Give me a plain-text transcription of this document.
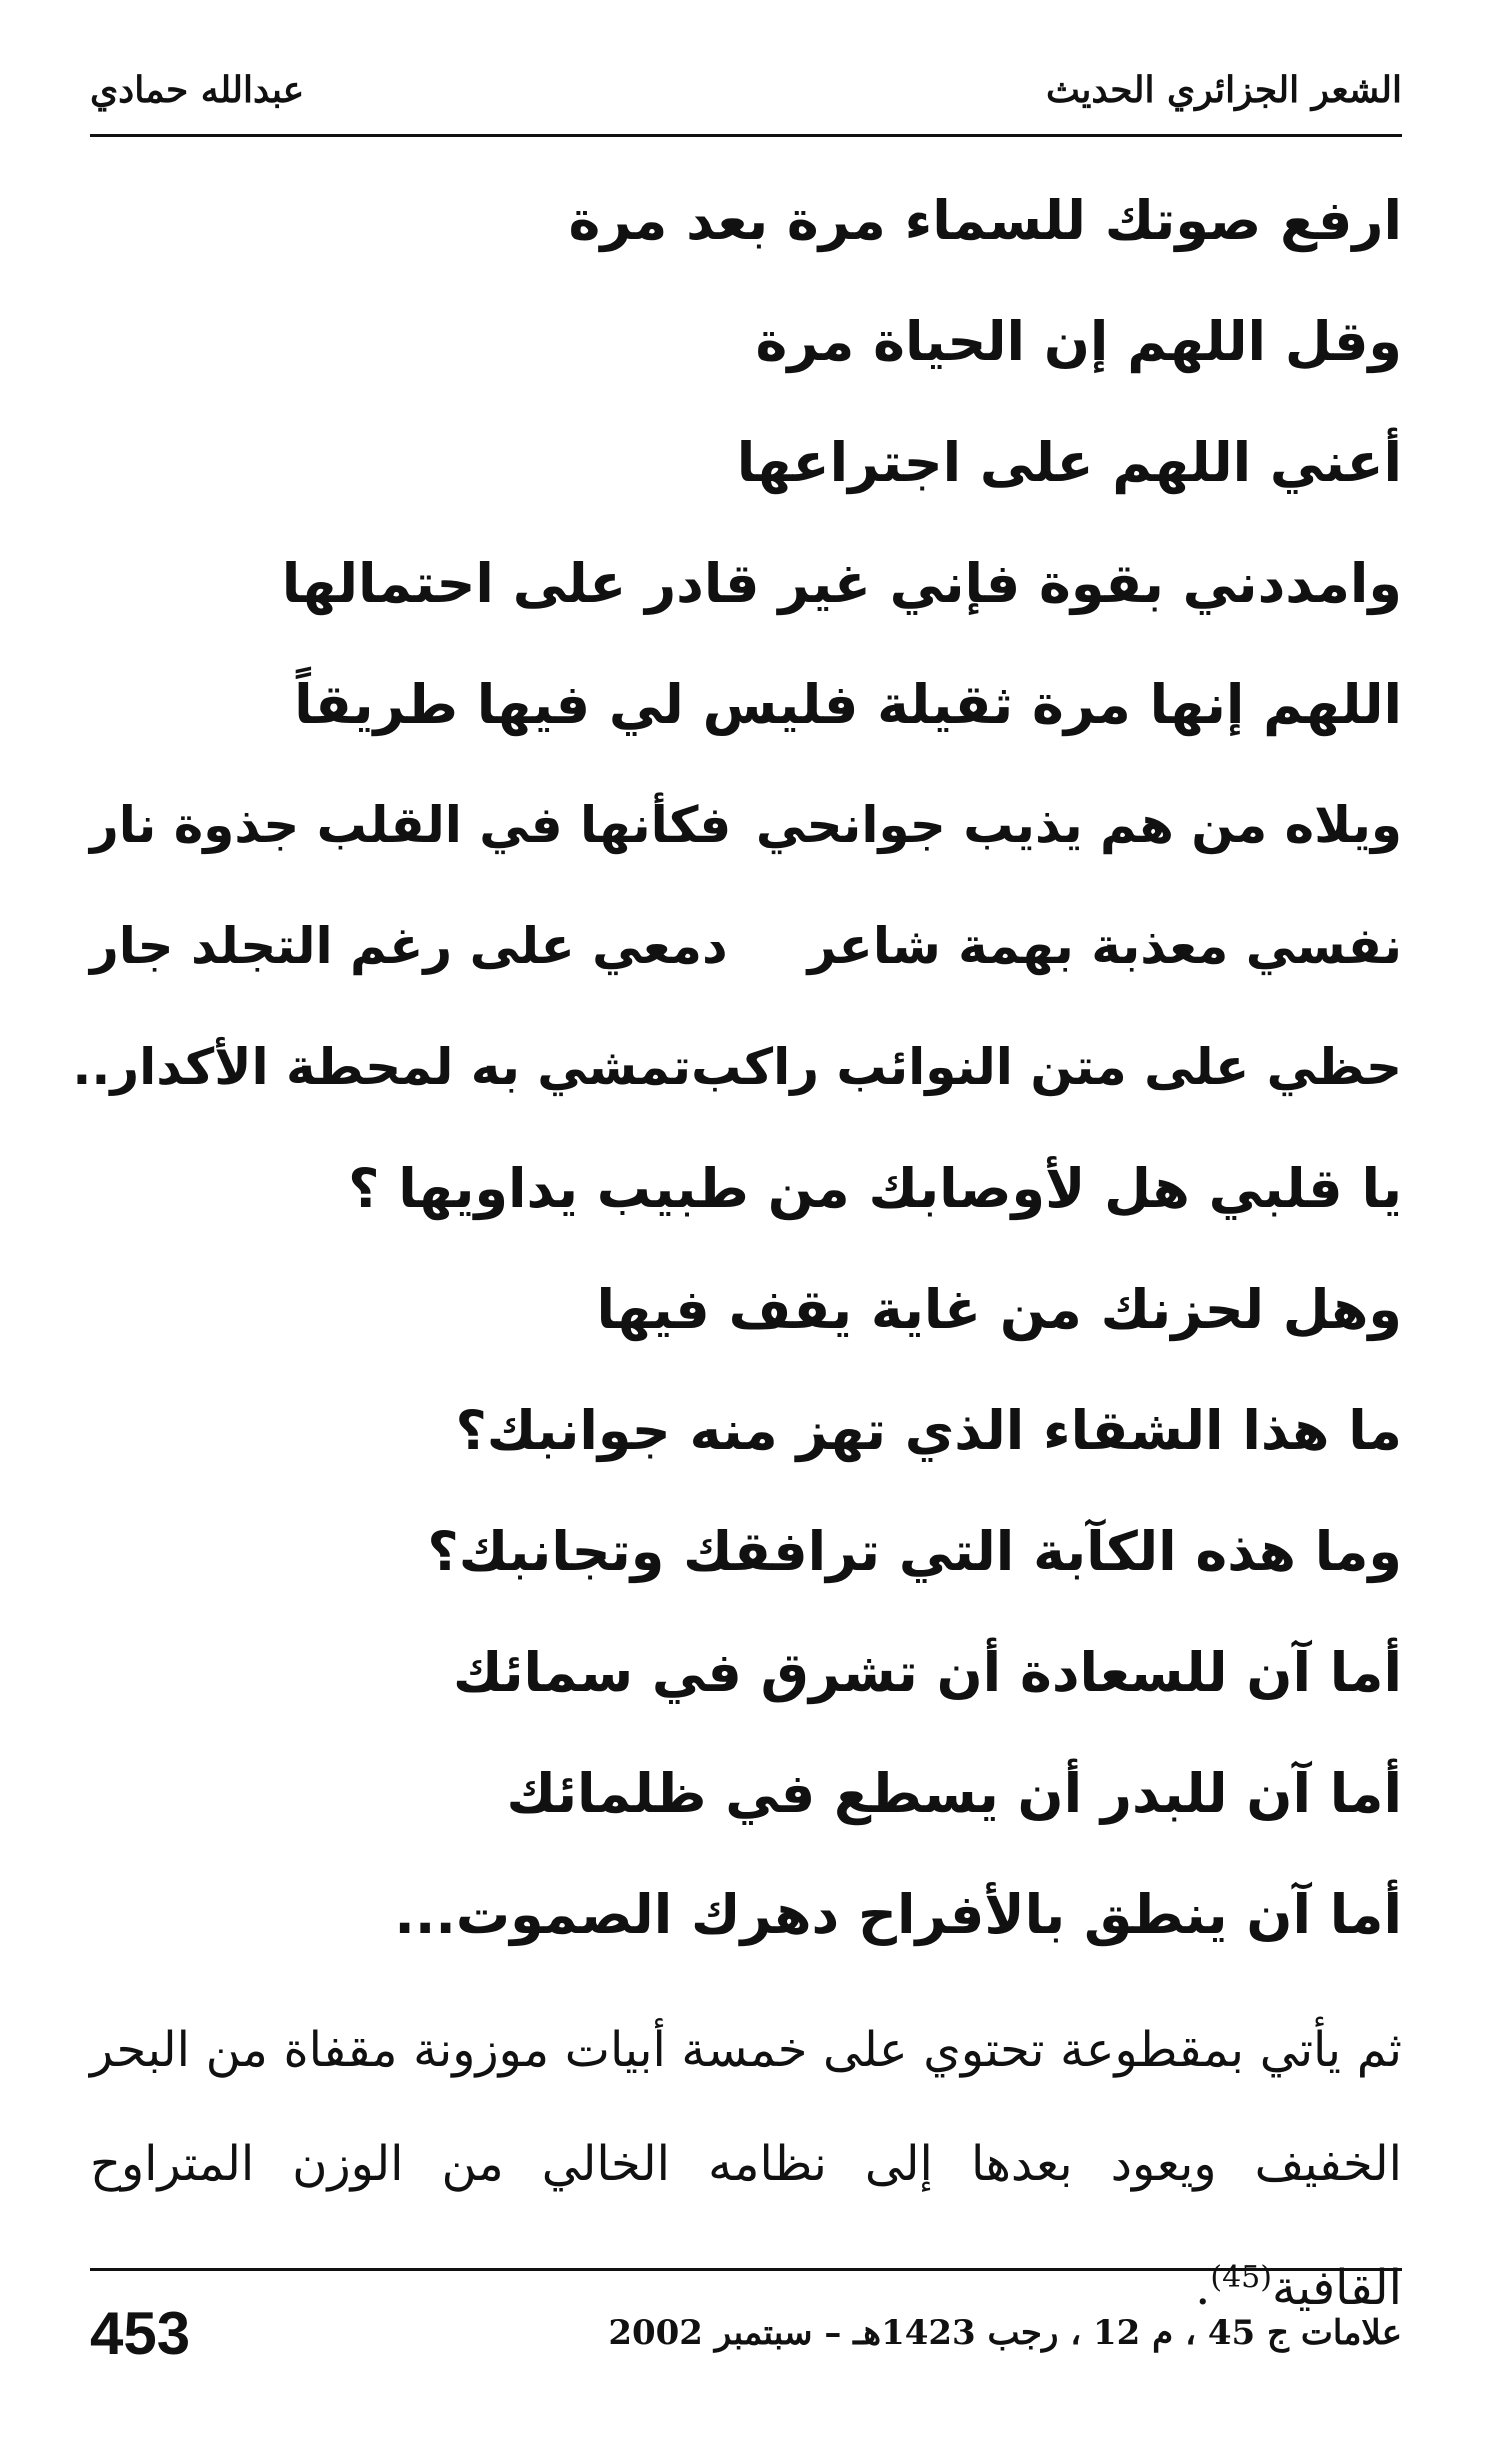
الشعر الجزائري الحديث
عبدالله حمادي
ارفع صوتك للسماء مرة بعد مرة
وقل اللهم إن الحياة مرة
أعني اللهم على اجتراعها
وامددني بقوة فإني غير قادر على احتمالها
اللهم إنها مرة ثقيلة فليس لي فيها طريقاً
ويلاه من هم يذيب جوانحي
فكأنها في القلب جذوة نار
نفسي معذبة بهمة شاعر
دمعي على رغم التجلد جار
حظي على متن النوائب راكب
تمشي به لمحطة الأكدار..
يا قلبي هل لأوصابك من طبيب يداويها ؟
وهل لحزنك من غاية يقف فيها
ما هذا الشقاء الذي تهز منه جوانبك؟
وما هذه الكآبة التي ترافقك وتجانبك؟
أما آن للسعادة أن تشرق في سمائك
أما آن للبدر أن يسطع في ظلمائك
أما آن ينطق بالأفراح دهرك الصموت...

ثم يأتي بمقطوعة تحتوي على خمسة أبيات موزونة مقفاة من البحر الخفيف ويعود بعدها إلى نظامه الخالي من الوزن المتراوح القافية$^{(45)}$.

علامات ج 45 ، م 12 ، رجب 1423هـ – سبتمبر 2002
453
